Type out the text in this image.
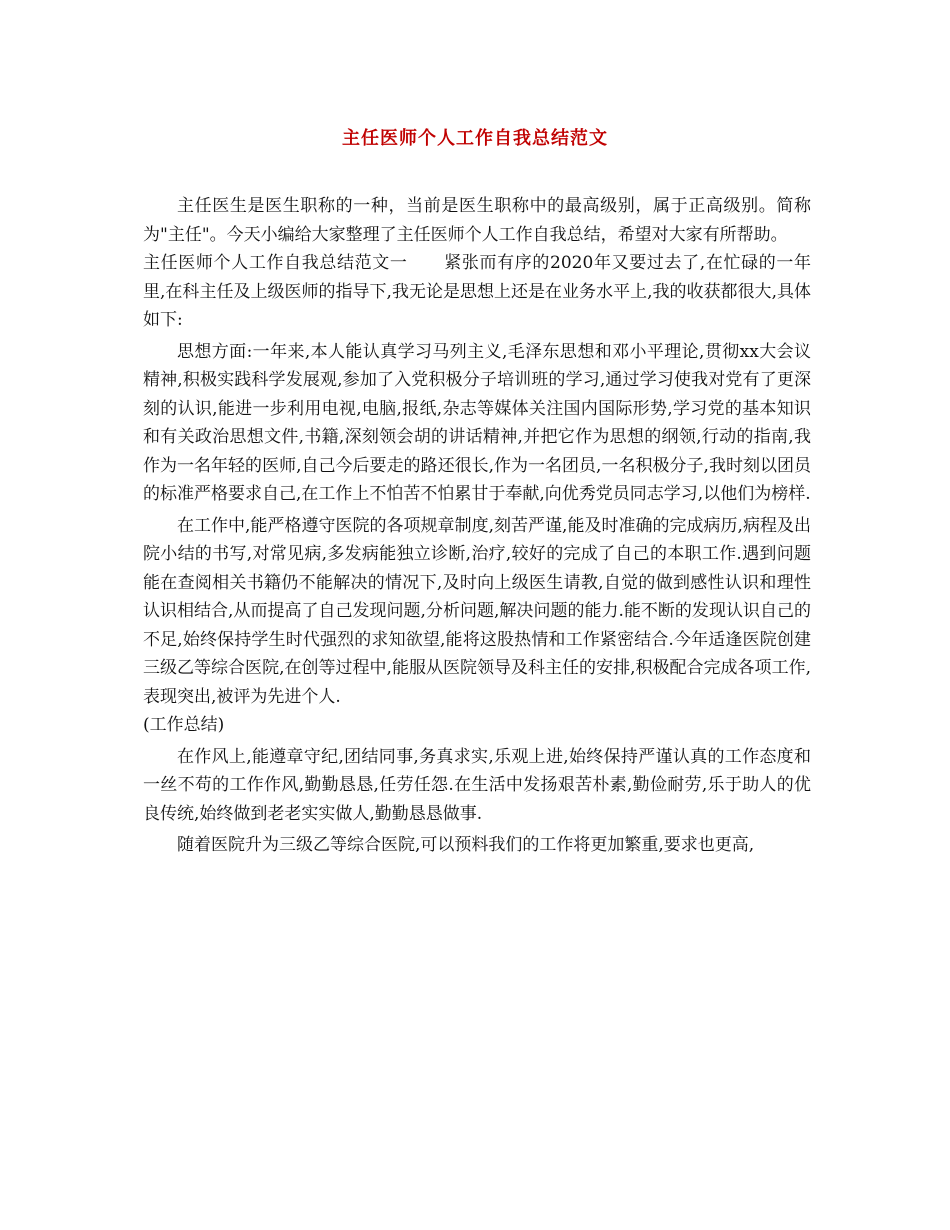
主任医师个人工作自我总结范文

主任医生是医生职称的一种，当前是医生职称中的最高级别，属于正高级别。简称为"主任"。今天小编给大家整理了主任医师个人工作自我总结，希望对大家有所帮助。

主任医师个人工作自我总结范文一 紧张而有序的2020年又要过去了,在忙碌的一年里,在科主任及上级医师的指导下,我无论是思想上还是在业务水平上,我的收获都很大,具体如下:

思想方面:一年来,本人能认真学习马列主义,毛泽东思想和邓小平理论,贯彻xx大会议精神,积极实践科学发展观,参加了入党积极分子培训班的学习,通过学习使我对党有了更深刻的认识,能进一步利用电视,电脑,报纸,杂志等媒体关注国内国际形势,学习党的基本知识和有关政治思想文件,书籍,深刻领会胡的讲话精神,并把它作为思想的纲领,行动的指南,我作为一名年轻的医师,自己今后要走的路还很长,作为一名团员,一名积极分子,我时刻以团员的标准严格要求自己,在工作上不怕苦不怕累甘于奉献,向优秀党员同志学习,以他们为榜样.

在工作中,能严格遵守医院的各项规章制度,刻苦严谨,能及时准确的完成病历,病程及出院小结的书写,对常见病,多发病能独立诊断,治疗,较好的完成了自己的本职工作.遇到问题能在查阅相关书籍仍不能解决的情况下,及时向上级医生请教,自觉的做到感性认识和理性认识相结合,从而提高了自己发现问题,分析问题,解决问题的能力.能不断的发现认识自己的不足,始终保持学生时代强烈的求知欲望,能将这股热情和工作紧密结合.今年适逢医院创建三级乙等综合医院,在创等过程中,能服从医院领导及科主任的安排,积极配合完成各项工作,表现突出,被评为先进个人.

(工作总结)

在作风上,能遵章守纪,团结同事,务真求实,乐观上进,始终保持严谨认真的工作态度和一丝不苟的工作作风,勤勤恳恳,任劳任怨.在生活中发扬艰苦朴素,勤俭耐劳,乐于助人的优良传统,始终做到老老实实做人,勤勤恳恳做事.

随着医院升为三级乙等综合医院,可以预料我们的工作将更加繁重,要求也更高,
